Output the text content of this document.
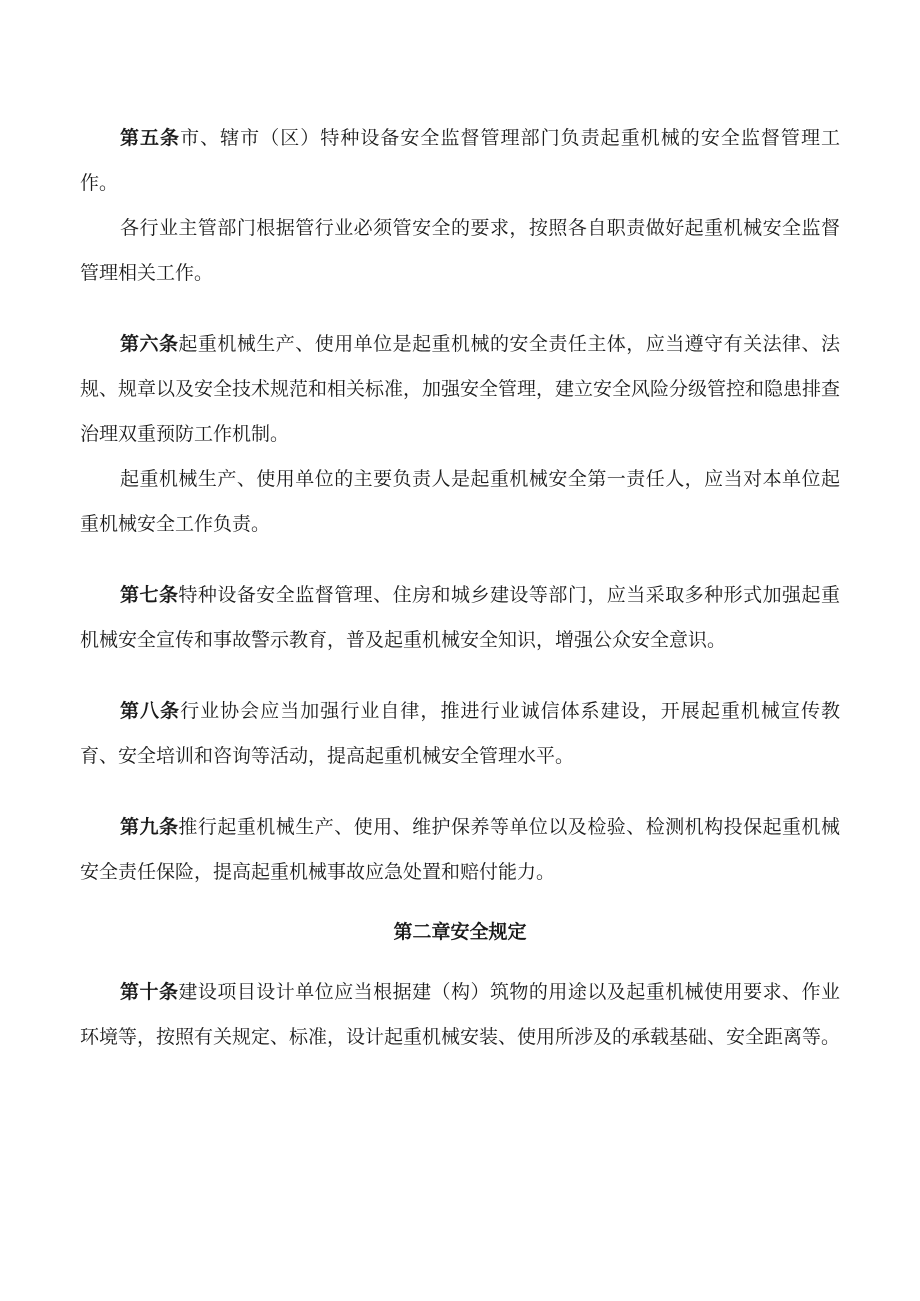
第五条市、辖市（区）特种设备安全监督管理部门负责起重机械的安全监督管理工作。

各行业主管部门根据管行业必须管安全的要求，按照各自职责做好起重机械安全监督管理相关工作。

第六条起重机械生产、使用单位是起重机械的安全责任主体，应当遵守有关法律、法规、规章以及安全技术规范和相关标准，加强安全管理，建立安全风险分级管控和隐患排查治理双重预防工作机制。

起重机械生产、使用单位的主要负责人是起重机械安全第一责任人，应当对本单位起重机械安全工作负责。

第七条特种设备安全监督管理、住房和城乡建设等部门，应当采取多种形式加强起重机械安全宣传和事故警示教育，普及起重机械安全知识，增强公众安全意识。

第八条行业协会应当加强行业自律，推进行业诚信体系建设，开展起重机械宣传教育、安全培训和咨询等活动，提高起重机械安全管理水平。

第九条推行起重机械生产、使用、维护保养等单位以及检验、检测机构投保起重机械安全责任保险，提高起重机械事故应急处置和赔付能力。

第二章安全规定

第十条建设项目设计单位应当根据建（构）筑物的用途以及起重机械使用要求、作业环境等，按照有关规定、标准，设计起重机械安装、使用所涉及的承载基础、安全距离等。
